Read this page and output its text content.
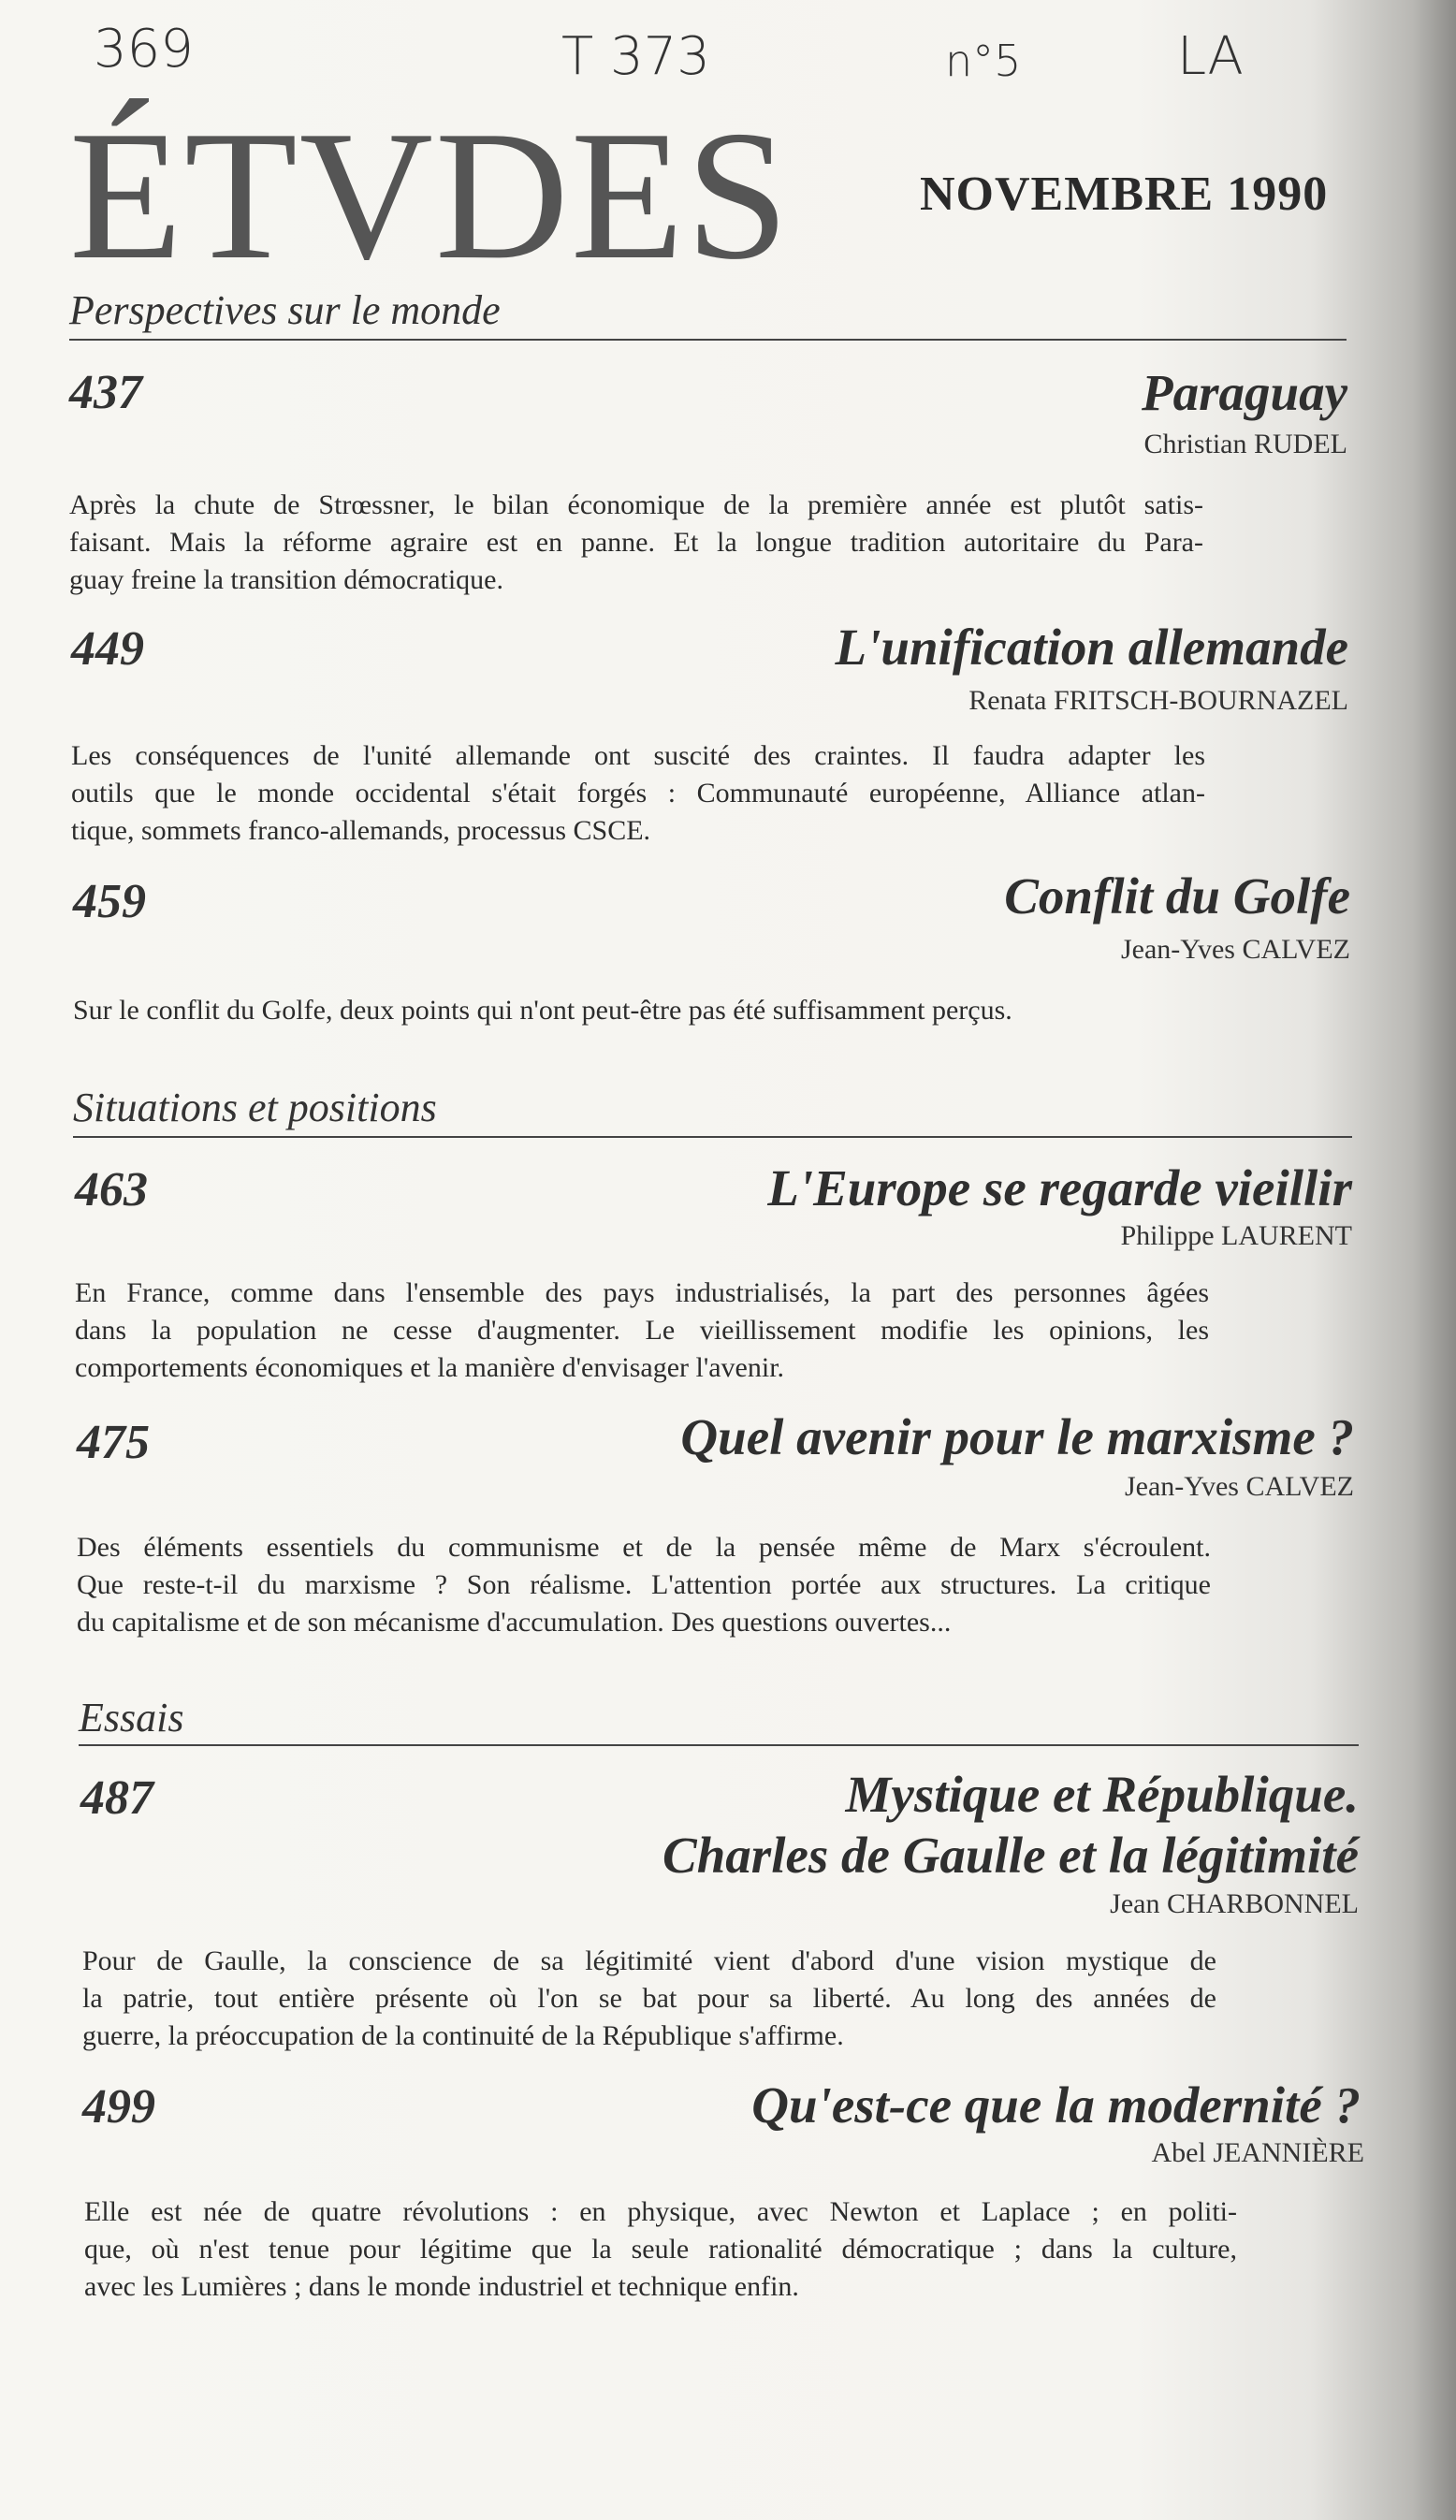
369	T 373	n°5	LA
ÉTVDES	NOVEMBRE 1990
Perspectives sur le monde
437	Paraguay
Christian RUDEL
Après la chute de Strœssner, le bilan économique de la première année est plutôt satis-
faisant. Mais la réforme agraire est en panne. Et la longue tradition autoritaire du Para-
guay freine la transition démocratique.
449	L'unification allemande
Renata FRITSCH-BOURNAZEL
Les conséquences de l'unité allemande ont suscité des craintes. Il faudra adapter les
outils que le monde occidental s'était forgés : Communauté européenne, Alliance atlan-
tique, sommets franco-allemands, processus CSCE.
459	Conflit du Golfe
Jean-Yves CALVEZ
Sur le conflit du Golfe, deux points qui n'ont peut-être pas été suffisamment perçus.
Situations et positions
463	L'Europe se regarde vieillir
Philippe LAURENT
En France, comme dans l'ensemble des pays industrialisés, la part des personnes âgées
dans la population ne cesse d'augmenter. Le vieillissement modifie les opinions, les
comportements économiques et la manière d'envisager l'avenir.
475	Quel avenir pour le marxisme ?
Jean-Yves CALVEZ
Des éléments essentiels du communisme et de la pensée même de Marx s'écroulent.
Que reste-t-il du marxisme ? Son réalisme. L'attention portée aux structures. La critique
du capitalisme et de son mécanisme d'accumulation. Des questions ouvertes...
Essais
487	Mystique et République.
Charles de Gaulle et la légitimité
Jean CHARBONNEL
Pour de Gaulle, la conscience de sa légitimité vient d'abord d'une vision mystique de
la patrie, tout entière présente où l'on se bat pour sa liberté. Au long des années de
guerre, la préoccupation de la continuité de la République s'affirme.
499	Qu'est-ce que la modernité ?
Abel JEANNIÈRE
Elle est née de quatre révolutions : en physique, avec Newton et Laplace ; en politi-
que, où n'est tenue pour légitime que la seule rationalité démocratique ; dans la culture,
avec les Lumières ; dans le monde industriel et technique enfin.
